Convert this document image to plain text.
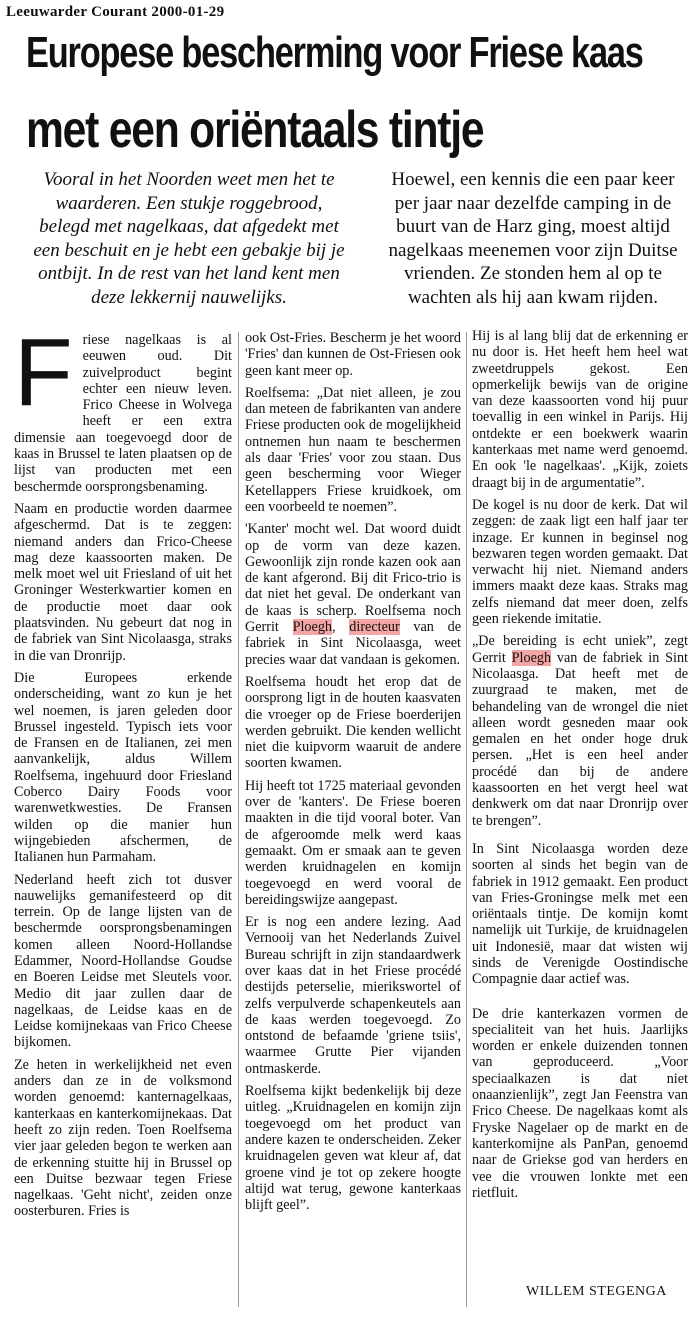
Leeuwarder Courant 2000-01-29
Europese bescherming voor Friese kaas
met een oriëntaals tintje
Vooral in het Noorden weet men het te waarderen. Een stukje roggebrood, belegd met nagelkaas, dat afgedekt met een beschuit en je hebt een gebakje bij je ontbijt. In de rest van het land kent men deze lekkernij nauwelijks.
Hoewel, een kennis die een paar keer per jaar naar dezelfde camping in de buurt van de Harz ging, moest altijd nagelkaas meenemen voor zijn Duitse vrienden. Ze stonden hem al op te wachten als hij aan kwam rijden.

F riese nagelkaas is al eeuwen oud. Dit zuivelproduct begint echter een nieuw leven. Frico Cheese in Wolvega heeft er een extra dimensie aan toegevoegd door de kaas in Brussel te laten plaatsen op de lijst van producten met een beschermde oorsprongsbenaming.

Naam en productie worden daarmee afgeschermd. Dat is te zeggen: niemand anders dan Frico-Cheese mag deze kaassoorten maken. De melk moet wel uit Friesland of uit het Groninger Westerkwartier komen en de productie moet daar ook plaatsvinden. Nu gebeurt dat nog in de fabriek van Sint Nicolaasga, straks in die van Dronrijp.

Die Europees erkende onderscheiding, want zo kun je het wel noemen, is jaren geleden door Brussel ingesteld. Typisch iets voor de Fransen en de Italianen, zei men aanvankelijk, aldus Willem Roelfsema, ingehuurd door Friesland Coberco Dairy Foods voor warenwetkwesties. De Fransen wilden op die manier hun wijngebieden afschermen, de Italianen hun Parmaham.

Nederland heeft zich tot dusver nauwelijks gemanifesteerd op dit terrein. Op de lange lijsten van de beschermde oorsprongsbenamingen komen alleen Noord-Hollandse Edammer, Noord-Hollandse Goudse en Boeren Leidse met Sleutels voor. Medio dit jaar zullen daar de nagelkaas, de Leidse kaas en de Leidse komijnekaas van Frico Cheese bijkomen.

Ze heten in werkelijkheid net even anders dan ze in de volksmond worden genoemd: kanternagelkaas, kanterkaas en kanterkomijnekaas. Dat heeft zo zijn reden. Toen Roelfsema vier jaar geleden begon te werken aan de erkenning stuitte hij in Brussel op een Duitse bezwaar tegen Friese nagelkaas. 'Geht nicht', zeiden onze oosterburen. Fries is

ook Ost-Fries. Bescherm je het woord 'Fries' dan kunnen de Ost-Friesen ook geen kant meer op.

Roelfsema: „Dat niet alleen, je zou dan meteen de fabrikanten van andere Friese producten ook de mogelijkheid ontnemen hun naam te beschermen als daar 'Fries' voor zou staan. Dus geen bescherming voor Wieger Ketellappers Friese kruidkoek, om een voorbeeld te noemen”.

'Kanter' mocht wel. Dat woord duidt op de vorm van deze kazen. Gewoonlijk zijn ronde kazen ook aan de kant afgerond. Bij dit Frico-trio is dat niet het geval. De onderkant van de kaas is scherp. Roelfsema noch Gerrit Ploegh, directeur van de fabriek in Sint Nicolaasga, weet precies waar dat vandaan is gekomen.

Roelfsema houdt het erop dat de oorsprong ligt in de houten kaasvaten die vroeger op de Friese boerderijen werden gebruikt. Die kenden wellicht niet die kuipvorm waaruit de andere soorten kwamen.

Hij heeft tot 1725 materiaal gevonden over de 'kanters'. De Friese boeren maakten in die tijd vooral boter. Van de afgeroomde melk werd kaas gemaakt. Om er smaak aan te geven werden kruidnagelen en komijn toegevoegd en werd vooral de bereidingswijze aangepast.

Er is nog een andere lezing. Aad Vernooij van het Nederlands Zuivel Bureau schrijft in zijn standaardwerk over kaas dat in het Friese procédé destijds peterselie, mierikswortel of zelfs verpulverde schapenkeutels aan de kaas werden toegevoegd. Zo ontstond de befaamde 'griene tsiis', waarmee Grutte Pier vijanden ontmaskerde.

Roelfsema kijkt bedenkelijk bij deze uitleg. „Kruidnagelen en komijn zijn toegevoegd om het product van andere kazen te onderscheiden. Zeker kruidnagelen geven wat kleur af, dat groene vind je tot op zekere hoogte altijd wat terug, gewone kanterkaas blijft geel”.

Hij is al lang blij dat de erkenning er nu door is. Het heeft hem heel wat zweetdruppels gekost. Een opmerkelijk bewijs van de origine van deze kaassoorten vond hij puur toevallig in een winkel in Parijs. Hij ontdekte er een boekwerk waarin kanterkaas met name werd genoemd. En ook 'le nagelkaas'. „Kijk, zoiets draagt bij in de argumentatie”.

De kogel is nu door de kerk. Dat wil zeggen: de zaak ligt een half jaar ter inzage. Er kunnen in beginsel nog bezwaren tegen worden gemaakt. Dat verwacht hij niet. Niemand anders immers maakt deze kaas. Straks mag zelfs niemand dat meer doen, zelfs geen riekende imitatie.

„De bereiding is echt uniek”, zegt Gerrit Ploegh van de fabriek in Sint Nicolaasga. Dat heeft met de zuurgraad te maken, met de behandeling van de wrongel die niet alleen wordt gesneden maar ook gemalen en het onder hoge druk persen. „Het is een heel ander procédé dan bij de andere kaassoorten en het vergt heel wat denkwerk om dat naar Dronrijp over te brengen”.

In Sint Nicolaasga worden deze soorten al sinds het begin van de fabriek in 1912 gemaakt. Een product van Fries-Groningse melk met een oriëntaals tintje. De komijn komt namelijk uit Turkije, de kruidnagelen uit Indonesië, maar dat wisten wij sinds de Verenigde Oostindische Compagnie daar actief was.

De drie kanterkazen vormen de specialiteit van het huis. Jaarlijks worden er enkele duizenden tonnen van geproduceerd. „Voor speciaalkazen is dat niet onaanzienlijk”, zegt Jan Feenstra van Frico Cheese. De nagelkaas komt als Fryske Nagelaer op de markt en de kanterkomijne als PanPan, genoemd naar de Griekse god van herders en vee die vrouwen lonkte met een rietfluit.

WILLEM STEGENGA
